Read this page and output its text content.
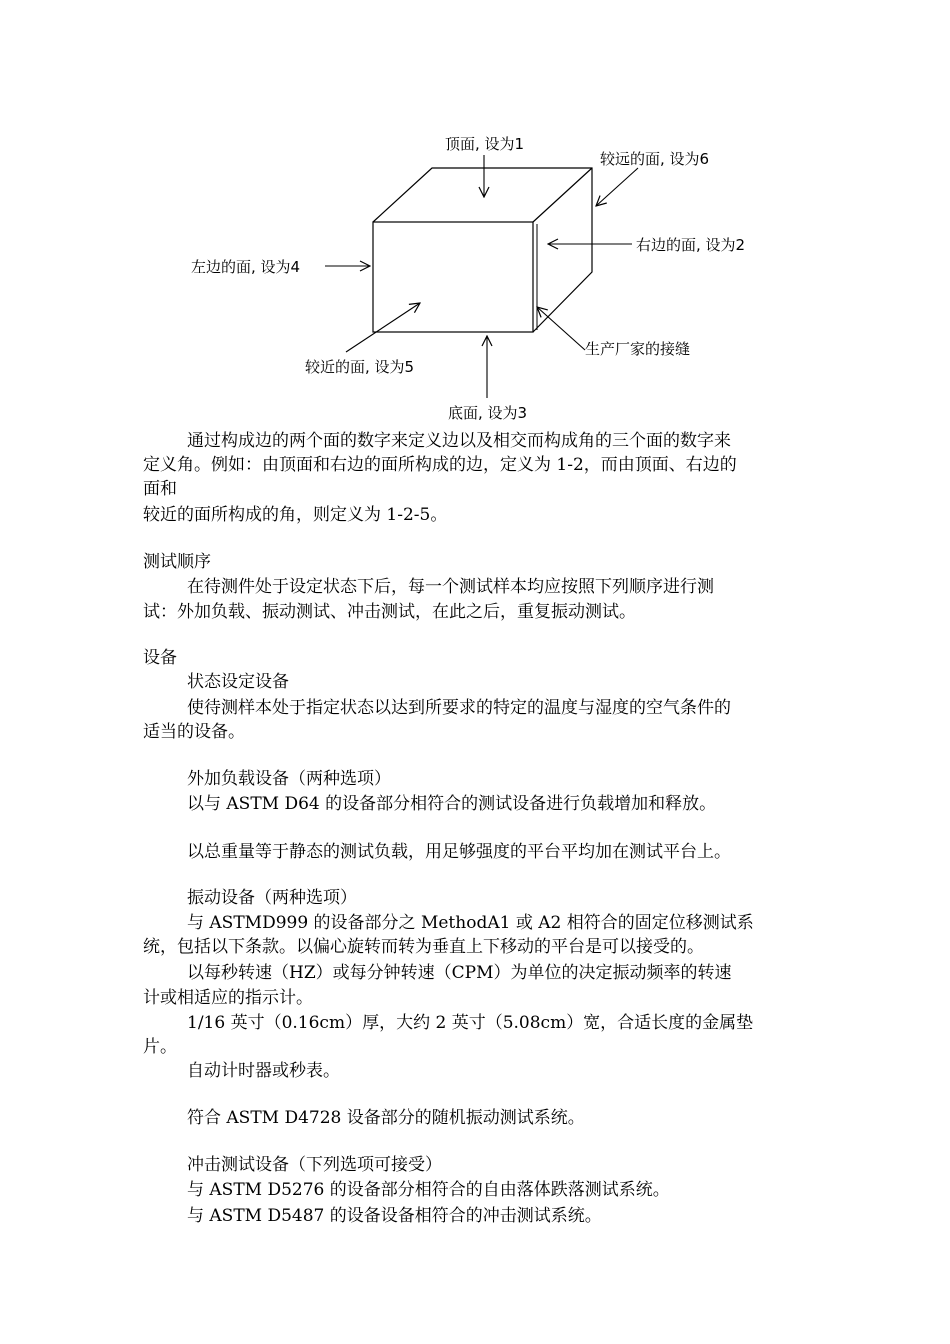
顶面, 设为1
较远的面, 设为6
右边的面, 设为2
左边的面, 设为4
生产厂家的接缝
较近的面, 设为5
底面, 设为3
通过构成边的两个面的数字来定义边以及相交而构成角的三个面的数字来
定义角。例如：由顶面和右边的面所构成的边，定义为 1-2，而由顶面、右边的
面和
较近的面所构成的角，则定义为 1-2-5。
测试顺序
在待测件处于设定状态下后，每一个测试样本均应按照下列顺序进行测
试：外加负载、振动测试、冲击测试，在此之后，重复振动测试。
设备
状态设定设备
使待测样本处于指定状态以达到所要求的特定的温度与湿度的空气条件的
适当的设备。
外加负载设备（两种选项）
以与 ASTM D64 的设备部分相符合的测试设备进行负载增加和释放。
以总重量等于静态的测试负载，用足够强度的平台平均加在测试平台上。
振动设备（两种选项）
与 ASTMD999 的设备部分之 MethodA1 或 A2 相符合的固定位移测试系
统，包括以下条款。以偏心旋转而转为垂直上下移动的平台是可以接受的。
以每秒转速（HZ）或每分钟转速（CPM）为单位的决定振动频率的转速
计或相适应的指示计。
1/16 英寸（0.16cm）厚，大约 2 英寸（5.08cm）宽，合适长度的金属垫
片。
自动计时器或秒表。
符合 ASTM D4728 设备部分的随机振动测试系统。
冲击测试设备（下列选项可接受）
与 ASTM D5276 的设备部分相符合的自由落体跌落测试系统。
与 ASTM D5487 的设备设备相符合的冲击测试系统。
